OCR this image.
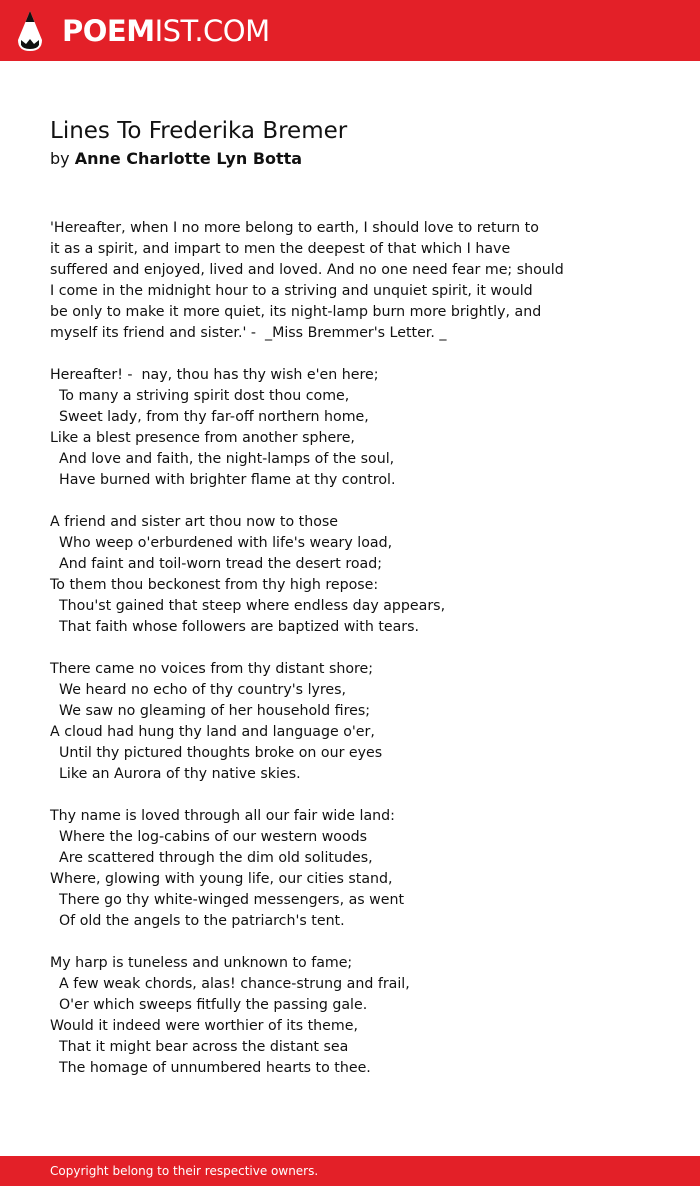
POEMIST.COM
Lines To Frederika Bremer
by Anne Charlotte Lyn Botta
'Hereafter, when I no more belong to earth, I should love to return to
it as a spirit, and impart to men the deepest of that which I have
suffered and enjoyed, lived and loved. And no one need fear me; should
I come in the midnight hour to a striving and unquiet spirit, it would
be only to make it more quiet, its night-lamp burn more brightly, and
myself its friend and sister.' -  _Miss Bremmer's Letter. _

Hereafter! -  nay, thou has thy wish e'en here;
To many a striving spirit dost thou come,
Sweet lady, from thy far-off northern home,
Like a blest presence from another sphere,
And love and faith, the night-lamps of the soul,
Have burned with brighter flame at thy control.

A friend and sister art thou now to those
Who weep o'erburdened with life's weary load,
And faint and toil-worn tread the desert road;
To them thou beckonest from thy high repose:
Thou'st gained that steep where endless day appears,
That faith whose followers are baptized with tears.

There came no voices from thy distant shore;
We heard no echo of thy country's lyres,
We saw no gleaming of her household fires;
A cloud had hung thy land and language o'er,
Until thy pictured thoughts broke on our eyes
Like an Aurora of thy native skies.

Thy name is loved through all our fair wide land:
Where the log-cabins of our western woods
Are scattered through the dim old solitudes,
Where, glowing with young life, our cities stand,
There go thy white-winged messengers, as went
Of old the angels to the patriarch's tent.

My harp is tuneless and unknown to fame;
A few weak chords, alas! chance-strung and frail,
O'er which sweeps fitfully the passing gale.
Would it indeed were worthier of its theme,
That it might bear across the distant sea
The homage of unnumbered hearts to thee.
Copyright belong to their respective owners.
